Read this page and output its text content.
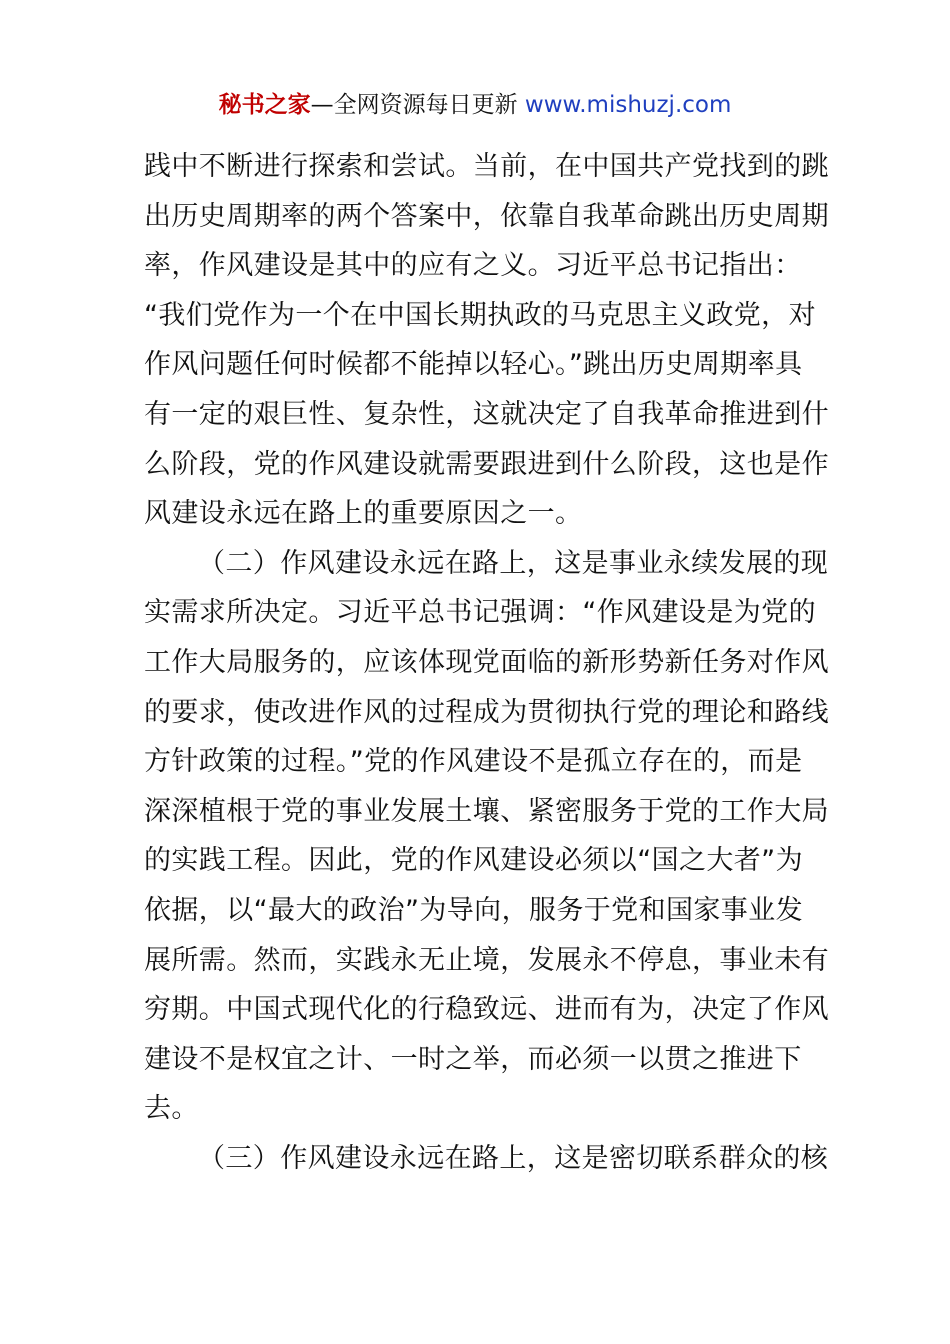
秘书之家—全网资源每日更新 www.mishuzj.com
践中不断进行探索和尝试。当前，在中国共产党找到的跳
出历史周期率的两个答案中，依靠自我革命跳出历史周期
率，作风建设是其中的应有之义。习近平总书记指出：
“我们党作为一个在中国长期执政的马克思主义政党，对
作风问题任何时候都不能掉以轻心。”跳出历史周期率具
有一定的艰巨性、复杂性，这就决定了自我革命推进到什
么阶段，党的作风建设就需要跟进到什么阶段，这也是作
风建设永远在路上的重要原因之一。
（二）作风建设永远在路上，这是事业永续发展的现
实需求所决定。习近平总书记强调：“作风建设是为党的
工作大局服务的，应该体现党面临的新形势新任务对作风
的要求，使改进作风的过程成为贯彻执行党的理论和路线
方针政策的过程。”党的作风建设不是孤立存在的，而是
深深植根于党的事业发展土壤、紧密服务于党的工作大局
的实践工程。因此，党的作风建设必须以“国之大者”为
依据，以“最大的政治”为导向，服务于党和国家事业发
展所需。然而，实践永无止境，发展永不停息，事业未有
穷期。中国式现代化的行稳致远、进而有为，决定了作风
建设不是权宜之计、一时之举，而必须一以贯之推进下
去。
（三）作风建设永远在路上，这是密切联系群众的核
